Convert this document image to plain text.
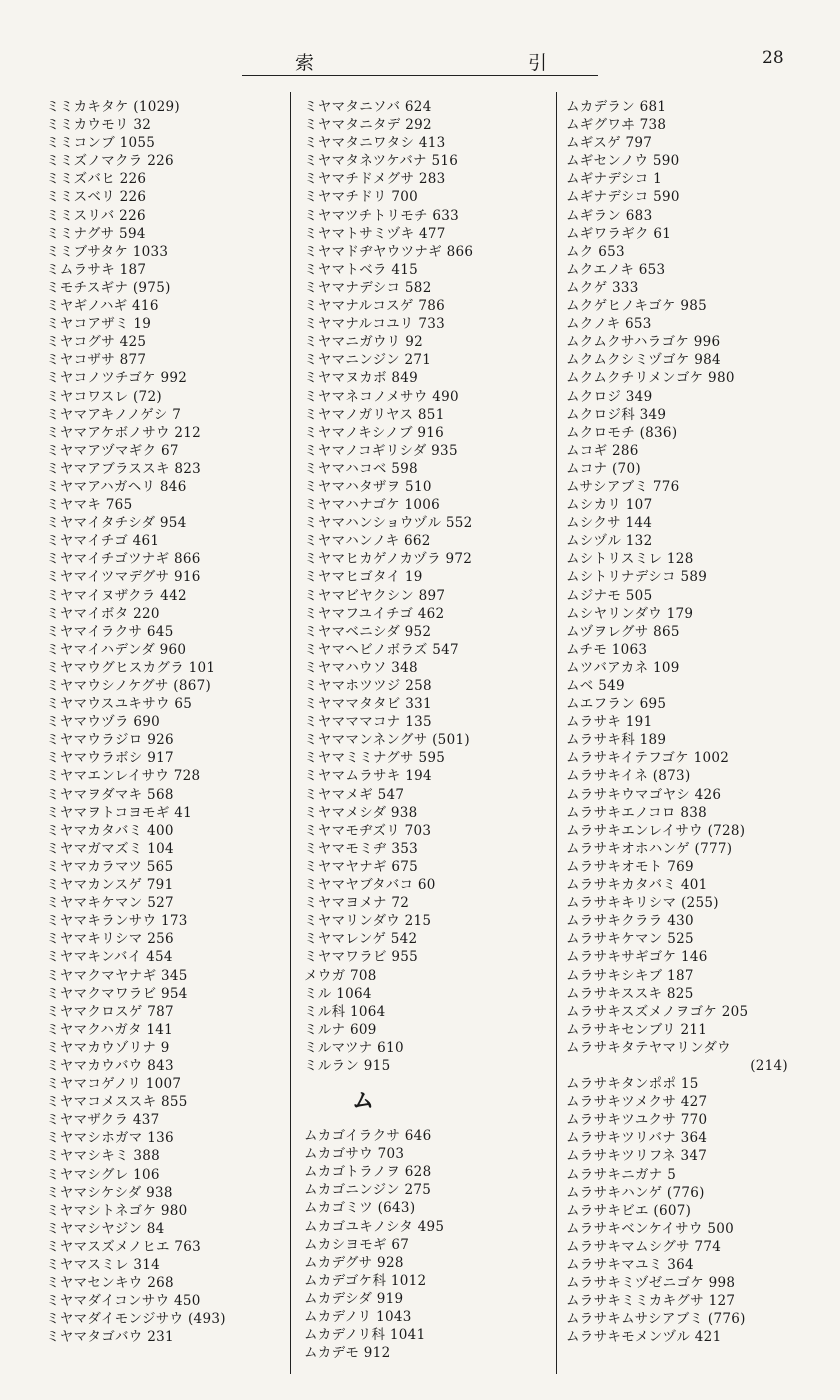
索	引	28
ミミカキタケ (1029)
ミミカウモリ 32
ミミコンブ 1055
ミミズノマクラ 226
ミミズバヒ 226
ミミスベリ 226
ミミスリバ 226
ミミナグサ 594
ミミブサタケ 1033
ミムラサキ 187
ミモチスギナ (975)
ミヤギノハギ 416
ミヤコアザミ 19
ミヤコグサ 425
ミヤコザサ 877
ミヤコノツチゴケ 992
ミヤコワスレ (72)
ミヤマアキノノゲシ 7
ミヤマアケボノサウ 212
ミヤマアヅマギク 67
ミヤマアブラススキ 823
ミヤマアハガヘリ 846
ミヤマキ 765
ミヤマイタチシダ 954
ミヤマイチゴ 461
ミヤマイチゴツナギ 866
ミヤマイツマデグサ 916
ミヤマイヌザクラ 442
ミヤマイボタ 220
ミヤマイラクサ 645
ミヤマイハデンダ 960
ミヤマウグヒスカグラ 101
ミヤマウシノケグサ (867)
ミヤマウスユキサウ 65
ミヤマウヅラ 690
ミヤマウラジロ 926
ミヤマウラボシ 917
ミヤマエンレイサウ 728
ミヤマヲダマキ 568
ミヤマヲトコヨモギ 41
ミヤマカタバミ 400
ミヤマガマズミ 104
ミヤマカラマツ 565
ミヤマカンスゲ 791
ミヤマキケマン 527
ミヤマキランサウ 173
ミヤマキリシマ 256
ミヤマキンバイ 454
ミヤマクマヤナギ 345
ミヤマクマワラビ 954
ミヤマクロスゲ 787
ミヤマクハガタ 141
ミヤマカウゾリナ 9
ミヤマカウバウ 843
ミヤマコゲノリ 1007
ミヤマコメススキ 855
ミヤマザクラ 437
ミヤマシホガマ 136
ミヤマシキミ 388
ミヤマシグレ 106
ミヤマシケシダ 938
ミヤマシトネゴケ 980
ミヤマシヤジン 84
ミヤマスズメノヒエ 763
ミヤマスミレ 314
ミヤマセンキウ 268
ミヤマダイコンサウ 450
ミヤマダイモンジサウ (493)
ミヤマタゴバウ 231
ミヤマタニソバ 624
ミヤマタニタデ 292
ミヤマタニワタシ 413
ミヤマタネツケバナ 516
ミヤマチドメグサ 283
ミヤマチドリ 700
ミヤマツチトリモチ 633
ミヤマトサミヅキ 477
ミヤマドヂヤウツナギ 866
ミヤマトベラ 415
ミヤマナデシコ 582
ミヤマナルコスゲ 786
ミヤマナルコユリ 733
ミヤマニガウリ 92
ミヤマニンジン 271
ミヤマヌカボ 849
ミヤマネコノメサウ 490
ミヤマノガリヤス 851
ミヤマノキシノブ 916
ミヤマノコギリシダ 935
ミヤマハコベ 598
ミヤマハタザヲ 510
ミヤマハナゴケ 1006
ミヤマハンショウヅル 552
ミヤマハンノキ 662
ミヤマヒカゲノカヅラ 972
ミヤマヒゴタイ 19
ミヤマビヤクシン 897
ミヤマフユイチゴ 462
ミヤマベニシダ 952
ミヤマヘビノボラズ 547
ミヤマハウソ 348
ミヤマホツツジ 258
ミヤママタタビ 331
ミヤマママコナ 135
ミヤママンネングサ (501)
ミヤマミミナグサ 595
ミヤマムラサキ 194
ミヤマメギ 547
ミヤマメシダ 938
ミヤマモヂズリ 703
ミヤマモミヂ 353
ミヤマヤナギ 675
ミヤマヤブタバコ 60
ミヤマヨメナ 72
ミヤマリンダウ 215
ミヤマレンゲ 542
ミヤマワラビ 955
メウガ 708
ミル 1064
ミル科 1064
ミルナ 609
ミルマツナ 610
ミルラン 915
ム
ムカゴイラクサ 646
ムカゴサウ 703
ムカゴトラノヲ 628
ムカゴニンジン 275
ムカゴミツ (643)
ムカゴユキノシタ 495
ムカシヨモギ 67
ムカデグサ 928
ムカデゴケ科 1012
ムカデシダ 919
ムカデノリ 1043
ムカデノリ科 1041
ムカデモ 912
ムカデラン 681
ムギグワヰ 738
ムギスゲ 797
ムギセンノウ 590
ムギナデシコ 1
ムギナデシコ 590
ムギラン 683
ムギワラギク 61
ムク 653
ムクエノキ 653
ムクゲ 333
ムクゲヒノキゴケ 985
ムクノキ 653
ムクムクサハラゴケ 996
ムクムクシミヅゴケ 984
ムクムクチリメンゴケ 980
ムクロジ 349
ムクロジ科 349
ムクロモチ (836)
ムコギ 286
ムコナ (70)
ムサシアブミ 776
ムシカリ 107
ムシクサ 144
ムシヅル 132
ムシトリスミレ 128
ムシトリナデシコ 589
ムジナモ 505
ムシヤリンダウ 179
ムヅヲレグサ 865
ムチモ 1063
ムツバアカネ 109
ムベ 549
ムエフラン 695
ムラサキ 191
ムラサキ科 189
ムラサキイテフゴケ 1002
ムラサキイネ (873)
ムラサキウマゴヤシ 426
ムラサキエノコロ 838
ムラサキエンレイサウ (728)
ムラサキオホハンゲ (777)
ムラサキオモト 769
ムラサキカタバミ 401
ムラサキキリシマ (255)
ムラサキクララ 430
ムラサキケマン 525
ムラサキサギゴケ 146
ムラサキシキブ 187
ムラサキススキ 825
ムラサキスズメノヲゴケ 205
ムラサキセンブリ 211
ムラサキタテヤマリンダウ
(214)
ムラサキタンポポ 15
ムラサキツメクサ 427
ムラサキツユクサ 770
ムラサキツリバナ 364
ムラサキツリフネ 347
ムラサキニガナ 5
ムラサキハンゲ (776)
ムラサキビエ (607)
ムラサキベンケイサウ 500
ムラサキマムシグサ 774
ムラサキマユミ 364
ムラサキミヅゼニゴケ 998
ムラサキミミカキグサ 127
ムラサキムサシアブミ (776)
ムラサキモメンヅル 421
